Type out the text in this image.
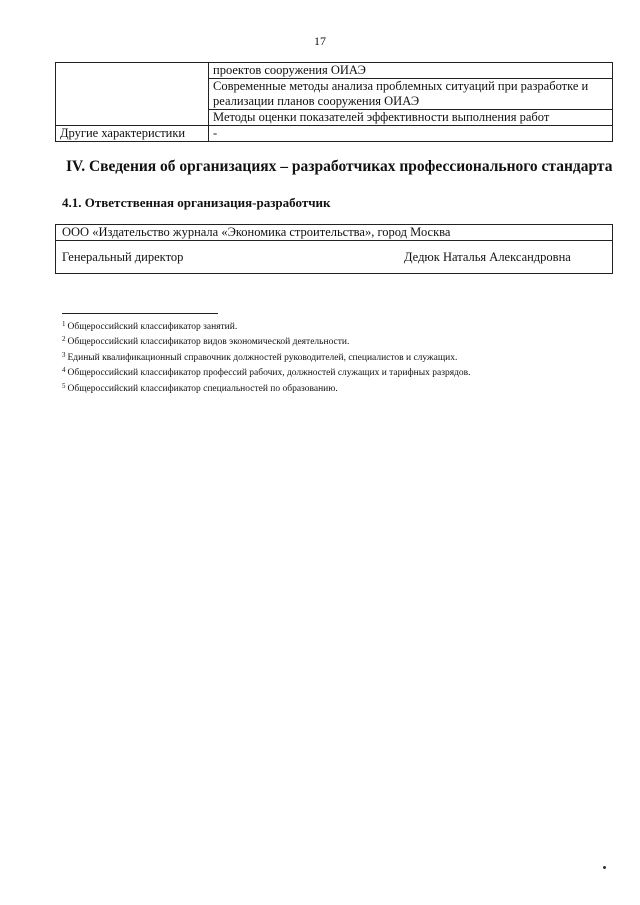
17
	проектов сооружения ОИАЭ
	Современные методы анализа проблемных ситуаций при разработке и реализации планов сооружения ОИАЭ
	Методы оценки показателей эффективности выполнения работ
Другие характеристики	-
IV. Сведения об организациях – разработчиках профессионального стандарта
4.1. Ответственная организация-разработчик
ООО «Издательство журнала «Экономика строительства», город Москва
Генеральный директор	Дедюк Наталья Александровна
$^1$ Общероссийский классификатор занятий.
$^2$ Общероссийский классификатор видов экономической деятельности.
$^3$ Единый квалификационный справочник должностей руководителей, специалистов и служащих.
$^4$ Общероссийский классификатор профессий рабочих, должностей служащих и тарифных разрядов.
$^5$ Общероссийский классификатор специальностей по образованию.
